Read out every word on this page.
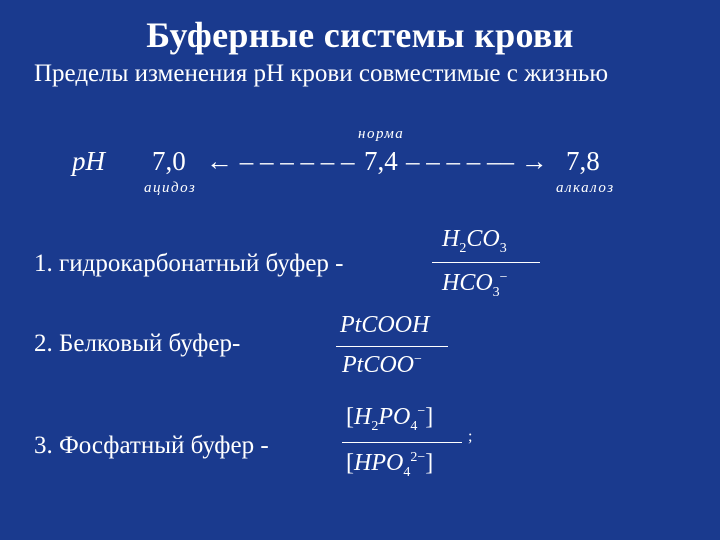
Буферные системы крови
Пределы изменения рН крови совместимые с жизнью
норма
pH 7,0 ← – – – – – – 7,4 – – – – –– → 7,8
ацидоз	алкалоз
1. гидрокарбонатный буфер -
$H_2CO_3$
$HCO_3^-$
2. Белковый буфер-
PtCOOH
PtCOO−
3. Фосфатный буфер -
$[H_2PO_4^-]$
;
$[HPO_4^{2-}]$
